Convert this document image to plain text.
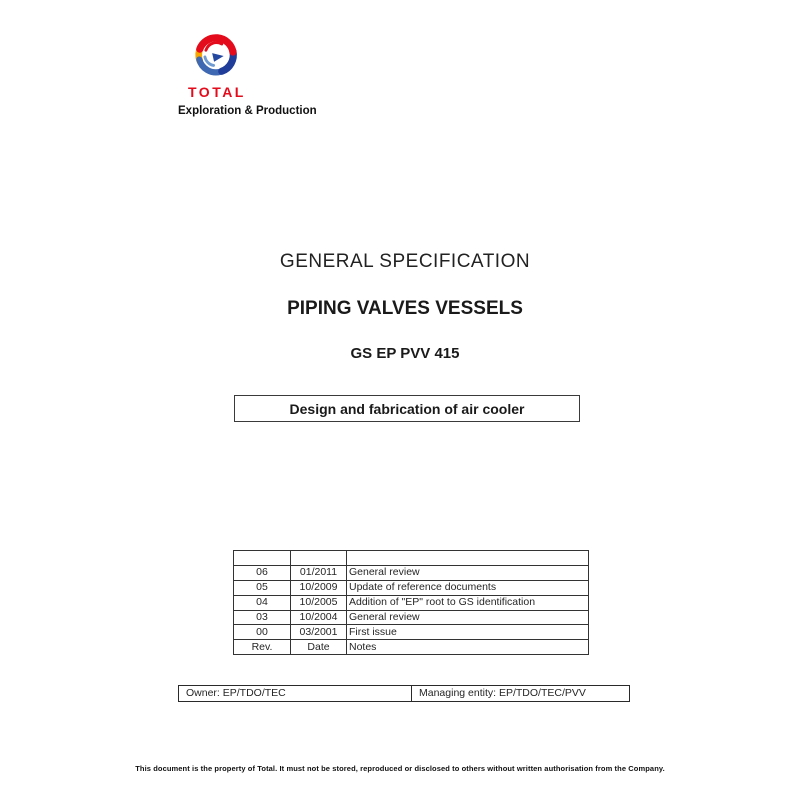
TOTAL
Exploration & Production
GENERAL SPECIFICATION
PIPING VALVES VESSELS
GS EP PVV 415
Design and fabrication of air cooler

06	01/2011	General review
05	10/2009	Update of reference documents
04	10/2005	Addition of "EP" root to GS identification
03	10/2004	General review
00	03/2001	First issue
Rev.	Date	Notes
Owner: EP/TDO/TEC	Managing entity: EP/TDO/TEC/PVV
This document is the property of Total. It must not be stored, reproduced or disclosed to others without written authorisation from the Company.
